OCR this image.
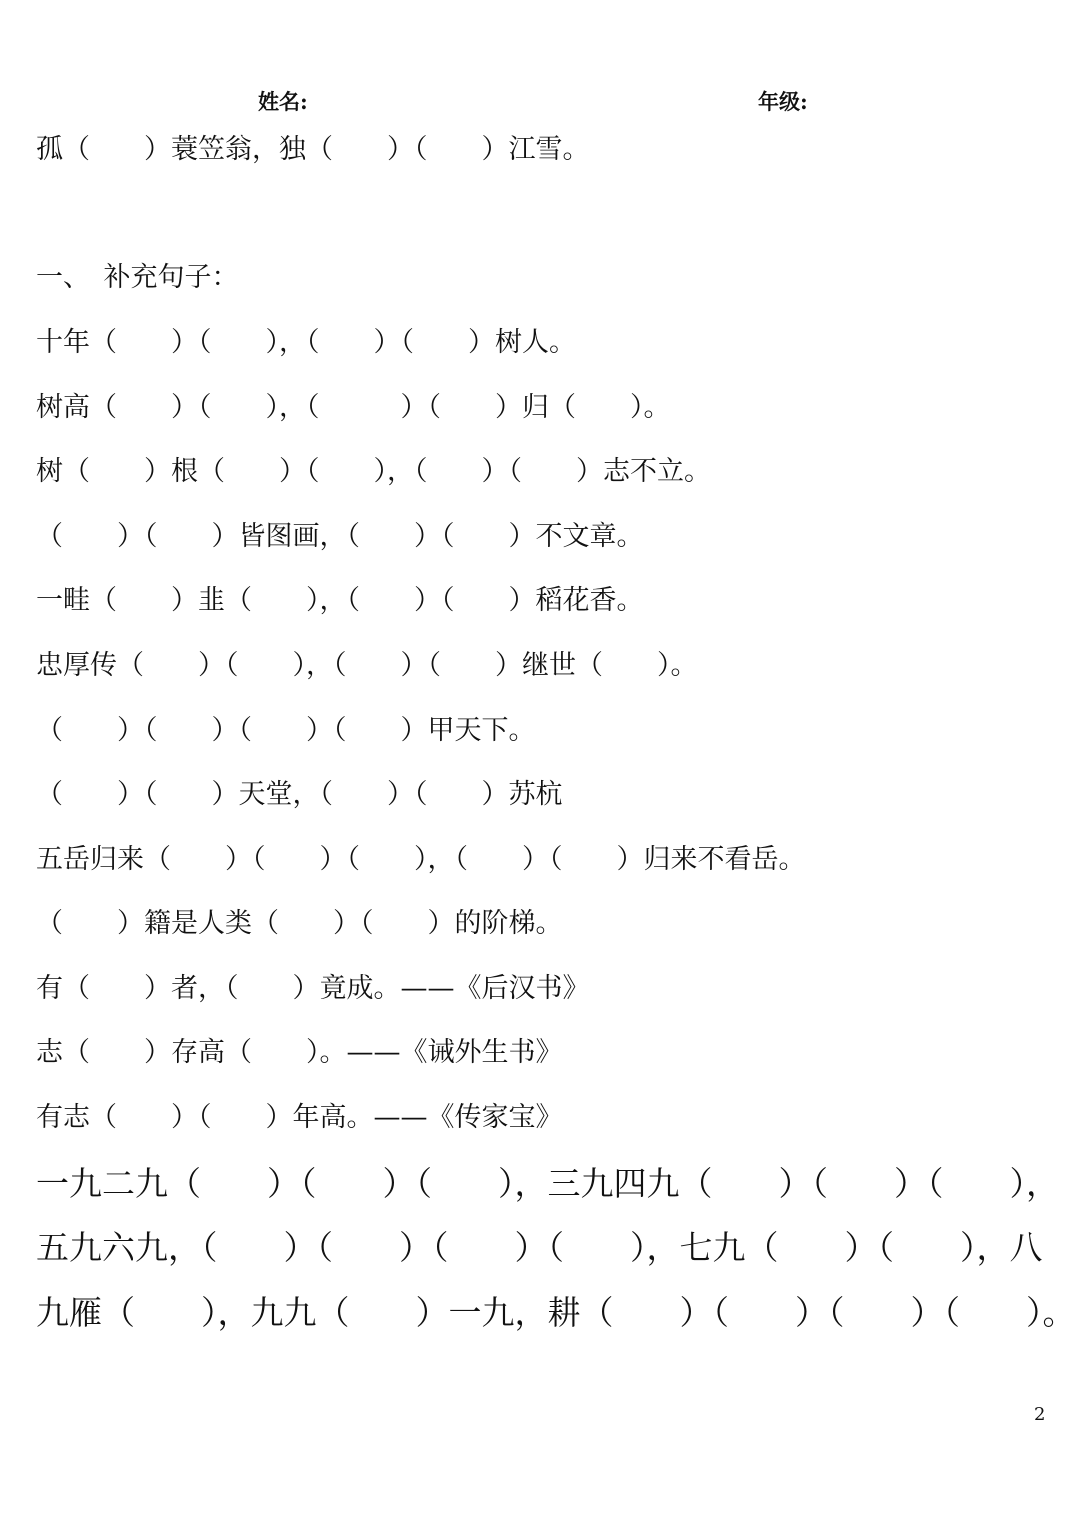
姓名:	年级:
孤（　　）蓑笠翁，独（　　）（　　）江雪。
一、　补充句子：
十年（　　）（　　），（　　）（　　）树人。
树高（　　）（　　），（　　　）（　　）归（　　）。
树（　　）根（　　）（　　），（　　）（　　）志不立。
（　　）（　　）皆图画，（　　）（　　）不文章。
一畦（　　）韭（　　），（　　）（　　）稻花香。
忠厚传（　　）（　　），（　　）（　　）继世（　　）。
（　　）（　　）（　　）（　　）甲天下。
（　　）（　　）天堂，（　　）（　　）苏杭
五岳归来（　　）（　　）（　　），（　　）（　　）归来不看岳。
（　　）籍是人类（　　）（　　）的阶梯。
有（　　）者，（　　）竟成。——《后汉书》
志（　　）存高（　　）。——《诫外生书》
有志（　　）（　　）年高。——《传家宝》
一九二九（　　）（　　）（　　），三九四九（　　）（　　）（　　），
五九六九，（　　）（　　）（　　）（　　），七九（　　）（　　），八
九雁（　　），九九（　　）一九，耕（　　）（　　）（　　）（　　）。
2
